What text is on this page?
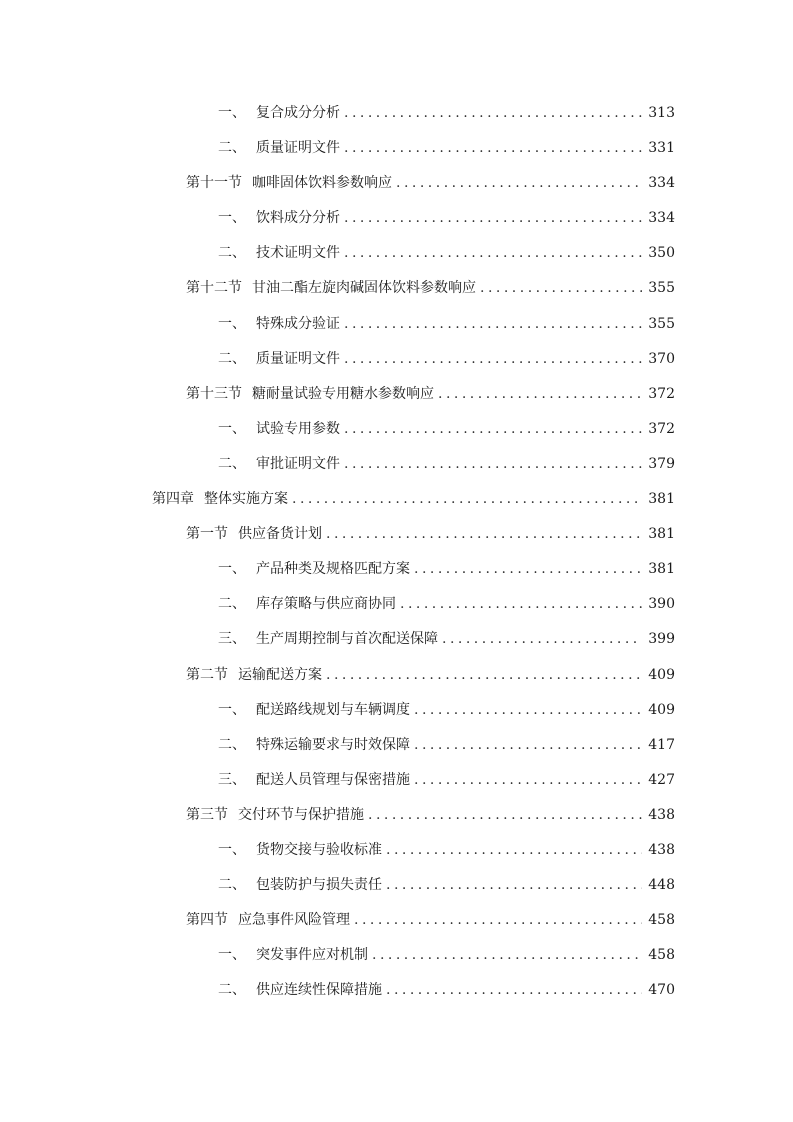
一、 复合成分分析 .....	313
二、 质量证明文件 .....	331
第十一节 咖啡固体饮料参数响应 .....	334
一、 饮料成分分析 .....	334
二、 技术证明文件 .....	350
第十二节 甘油二酯左旋肉碱固体饮料参数响应 .....	355
一、 特殊成分验证 .....	355
二、 质量证明文件 .....	370
第十三节 糖耐量试验专用糖水参数响应 .....	372
一、 试验专用参数 .....	372
二、 审批证明文件 .....	379
第四章 整体实施方案 .....	381
第一节 供应备货计划 .....	381
一、 产品种类及规格匹配方案 .....	381
二、 库存策略与供应商协同 .....	390
三、 生产周期控制与首次配送保障 .....	399
第二节 运输配送方案 .....	409
一、 配送路线规划与车辆调度 .....	409
二、 特殊运输要求与时效保障 .....	417
三、 配送人员管理与保密措施 .....	427
第三节 交付环节与保护措施 .....	438
一、 货物交接与验收标准 .....	438
二、 包装防护与损失责任 .....	448
第四节 应急事件风险管理 .....	458
一、 突发事件应对机制 .....	458
二、 供应连续性保障措施 .....	470
